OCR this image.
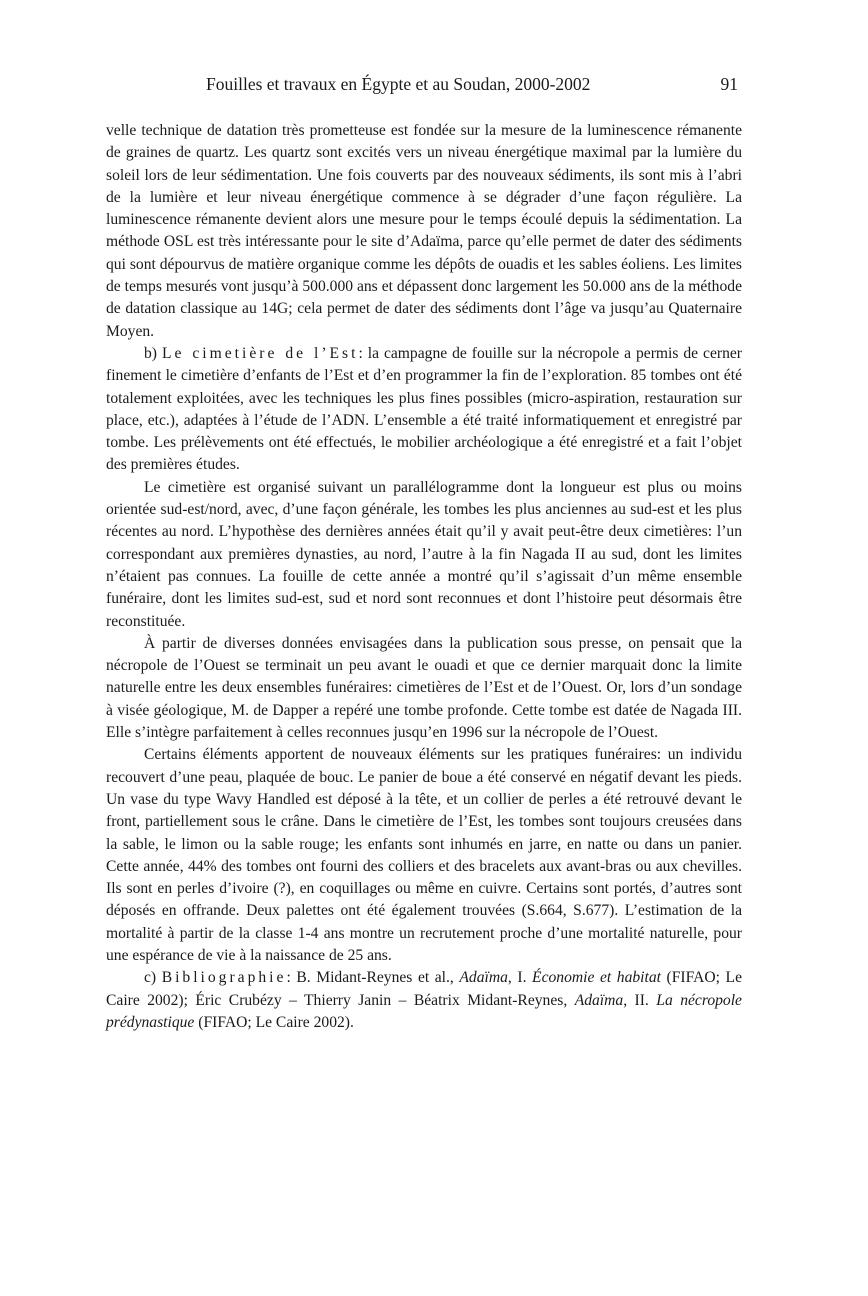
Fouilles et travaux en Égypte et au Soudan, 2000-2002	91

velle technique de datation très prometteuse est fondée sur la mesure de la luminescence rémanente de graines de quartz. Les quartz sont excités vers un niveau énergétique maximal par la lumière du soleil lors de leur sédimentation. Une fois couverts par des nouveaux sédiments, ils sont mis à l’abri de la lumière et leur niveau énergétique commence à se dégrader d’une façon régulière. La luminescence rémanente devient alors une mesure pour le temps écoulé depuis la sédimentation. La méthode OSL est très intéressante pour le site d’Adaïma, parce qu’elle permet de dater des sédiments qui sont dépourvus de matière organique comme les dépôts de ouadis et les sables éoliens. Les limites de temps mesurés vont jusqu’à 500.000 ans et dépassent donc largement les 50.000 ans de la méthode de datation classique au 14G; cela permet de dater des sédiments dont l’âge va jusqu’au Quaternaire Moyen.

b) Le cimetière de l’Est: la campagne de fouille sur la nécropole a permis de cerner finement le cimetière d’enfants de l’Est et d’en programmer la fin de l’exploration. 85 tombes ont été totalement exploitées, avec les techniques les plus fines possibles (micro-aspiration, restauration sur place, etc.), adaptées à l’étude de l’ADN. L’ensemble a été traité informatiquement et enregistré par tombe. Les prélèvements ont été effectués, le mobilier archéologique a été enregistré et a fait l’objet des premières études.

Le cimetière est organisé suivant un parallélogramme dont la longueur est plus ou moins orientée sud-est/nord, avec, d’une façon générale, les tombes les plus anciennes au sud-est et les plus récentes au nord. L’hypothèse des dernières années était qu’il y avait peut-être deux cimetières: l’un correspondant aux premières dynasties, au nord, l’autre à la fin Nagada II au sud, dont les limites n’étaient pas connues. La fouille de cette année a montré qu’il s’agissait d’un même ensemble funéraire, dont les limites sud-est, sud et nord sont reconnues et dont l’histoire peut désormais être reconstituée.

À partir de diverses données envisagées dans la publication sous presse, on pensait que la nécropole de l’Ouest se terminait un peu avant le ouadi et que ce dernier marquait donc la limite naturelle entre les deux ensembles funéraires: cimetières de l’Est et de l’Ouest. Or, lors d’un sondage à visée géologique, M. de Dapper a repéré une tombe profonde. Cette tombe est datée de Nagada III. Elle s’intègre parfaitement à celles reconnues jusqu’en 1996 sur la nécropole de l’Ouest.

Certains éléments apportent de nouveaux éléments sur les pratiques funéraires: un individu recouvert d’une peau, plaquée de bouc. Le panier de boue a été conservé en négatif devant les pieds. Un vase du type Wavy Handled est déposé à la tête, et un collier de perles a été retrouvé devant le front, partiellement sous le crâne. Dans le cimetière de l’Est, les tombes sont toujours creusées dans la sable, le limon ou la sable rouge; les enfants sont inhumés en jarre, en natte ou dans un panier. Cette année, 44% des tombes ont fourni des colliers et des bracelets aux avant-bras ou aux chevilles. Ils sont en perles d’ivoire (?), en coquillages ou même en cuivre. Certains sont portés, d’autres sont déposés en offrande. Deux palettes ont été également trouvées (S.664, S.677). L’estimation de la mortalité à partir de la classe 1-4 ans montre un recrutement proche d’une mortalité naturelle, pour une espérance de vie à la naissance de 25 ans.

c) Bibliographie: B. Midant-Reynes et al., Adaïma, I. Économie et habitat (FIFAO; Le Caire 2002); Éric Crubézy – Thierry Janin – Béatrix Midant-Reynes, Adaïma, II. La nécropole prédynastique (FIFAO; Le Caire 2002).
